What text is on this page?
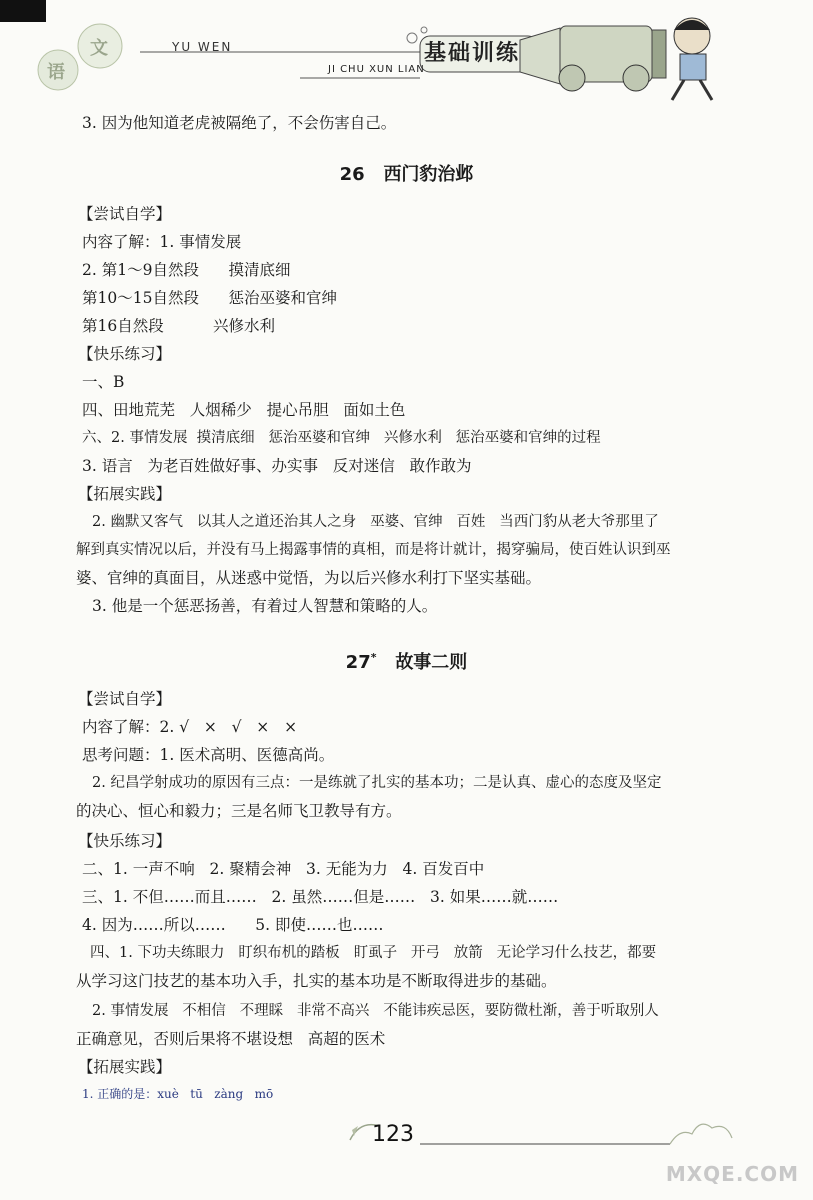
语
文	YU WEN
JI CHU XUN LIAN
基础训练
3. 因为他知道老虎被隔绝了，不会伤害自己。
26 西门豹治邺
【尝试自学】
内容了解：1. 事情发展
2. 第1～9自然段      摸清底细
第10～15自然段      惩治巫婆和官绅
第16自然段          兴修水利
【快乐练习】
一、B
四、田地荒芜   人烟稀少   提心吊胆   面如土色
六、2. 事情发展  摸清底细   惩治巫婆和官绅   兴修水利   惩治巫婆和官绅的过程
3. 语言   为老百姓做好事、办实事   反对迷信   敢作敢为
【拓展实践】
2. 幽默又客气   以其人之道还治其人之身   巫婆、官绅   百姓   当西门豹从老大爷那里了
解到真实情况以后，并没有马上揭露事情的真相，而是将计就计，揭穿骗局，使百姓认识到巫
婆、官绅的真面目，从迷惑中觉悟，为以后兴修水利打下坚实基础。
3. 他是一个惩恶扬善，有着过人智慧和策略的人。
27* 故事二则
【尝试自学】
内容了解：2. √   ×   √   ×   ×
思考问题：1. 医术高明、医德高尚。
2. 纪昌学射成功的原因有三点：一是练就了扎实的基本功；二是认真、虚心的态度及坚定
的决心、恒心和毅力；三是名师飞卫教导有方。
【快乐练习】
二、1. 一声不响   2. 聚精会神   3. 无能为力   4. 百发百中
三、1. 不但……而且……   2. 虽然……但是……   3. 如果……就……
4. 因为……所以……      5. 即使……也……
四、1. 下功夫练眼力   盯织布机的踏板   盯虱子   开弓   放箭   无论学习什么技艺，都要
从学习这门技艺的基本功入手，扎实的基本功是不断取得进步的基础。
2. 事情发展   不相信   不理睬   非常不高兴   不能讳疾忌医，要防微杜渐，善于听取别人
正确意见，否则后果将不堪设想   高超的医术
【拓展实践】
1. 正确的是：xuè   tū   zàng   mō
123
MXQE.COM
